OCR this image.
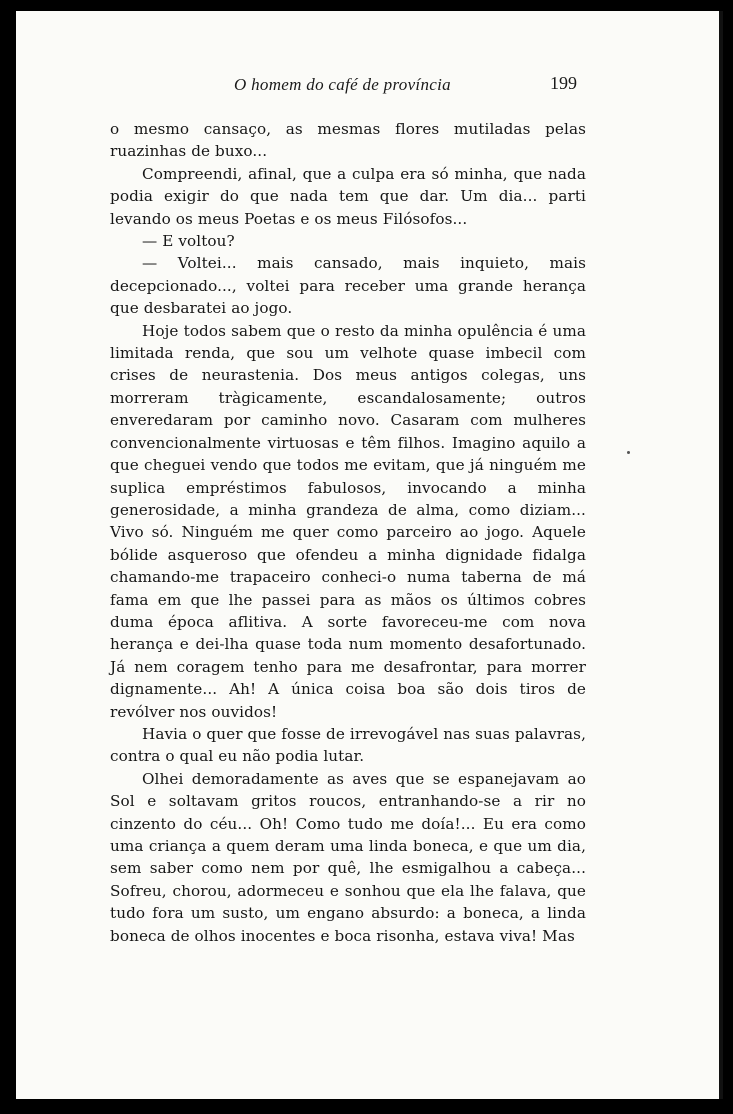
O homem do café de província	199

o mesmo cansaço, as mesmas flores mutiladas pelas ruazinhas de buxo...

Compreendi, afinal, que a culpa era só minha, que nada podia exigir do que nada tem que dar. Um dia... parti levando os meus Poetas e os meus Filósofos...

— E voltou?

— Voltei... mais cansado, mais inquieto, mais decepcionado..., voltei para receber uma grande herança que desbaratei ao jogo.

Hoje todos sabem que o resto da minha opulência é uma limitada renda, que sou um velhote quase imbecil com crises de neurastenia. Dos meus antigos colegas, uns morreram tràgicamente, escandalosamente; outros enveredaram por caminho novo. Casaram com mulheres convencionalmente virtuosas e têm filhos. Imagino aquilo a que cheguei vendo que todos me evitam, que já ninguém me suplica empréstimos fabulosos, invocando a minha generosidade, a minha grandeza de alma, como diziam... Vivo só. Ninguém me quer como parceiro ao jogo. Aquele bólide asqueroso que ofendeu a minha dignidade fidalga chamando-me trapaceiro conheci-o numa taberna de má fama em que lhe passei para as mãos os últimos cobres duma época aflitiva. A sorte favoreceu-me com nova herança e dei-lha quase toda num momento desafortunado. Já nem coragem tenho para me desafrontar, para morrer dignamente... Ah! A única coisa boa são dois tiros de revólver nos ouvidos!

Havia o quer que fosse de irrevogável nas suas palavras, contra o qual eu não podia lutar.

Olhei demoradamente as aves que se espanejavam ao Sol e soltavam gritos roucos, entranhando-se a rir no cinzento do céu... Oh! Como tudo me doía!... Eu era como uma criança a quem deram uma linda boneca, e que um dia, sem saber como nem por quê, lhe esmigalhou a cabeça... Sofreu, chorou, adormeceu e sonhou que ela lhe falava, que tudo fora um susto, um engano absurdo: a boneca, a linda boneca de olhos inocentes e boca risonha, estava viva! Mas
